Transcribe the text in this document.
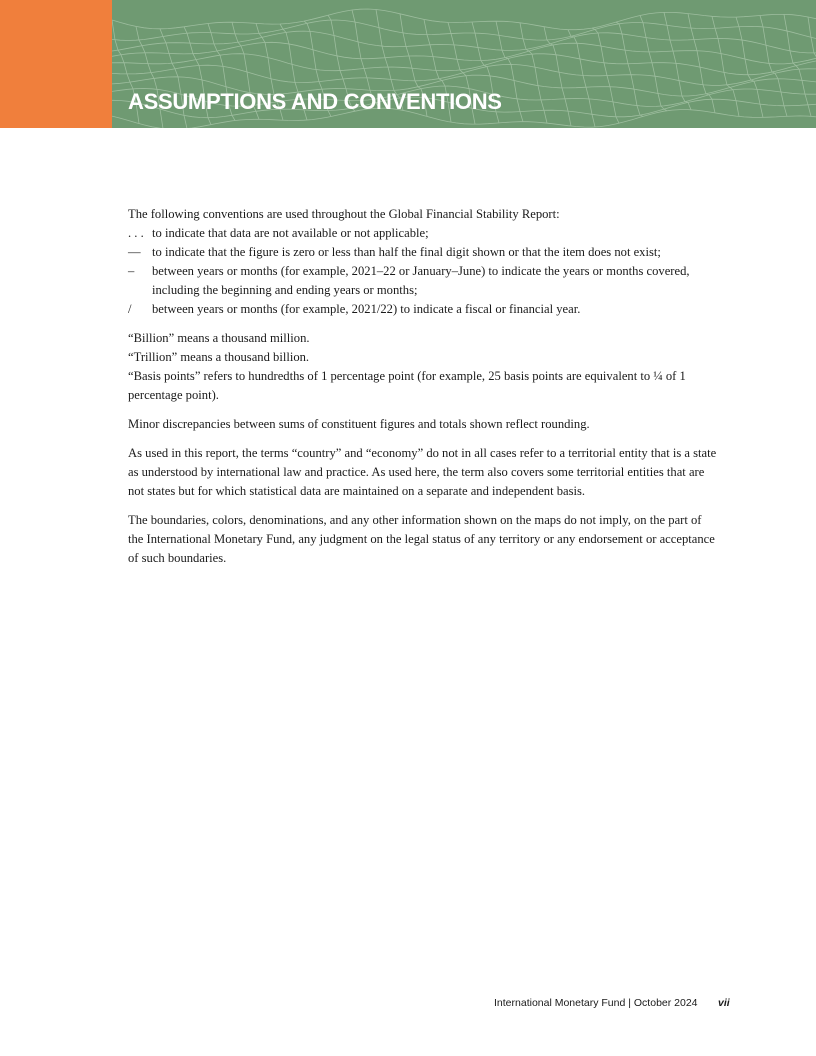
ASSUMPTIONS AND CONVENTIONS

The following conventions are used throughout the Global Financial Stability Report:

. . . to indicate that data are not available or not applicable;
— to indicate that the figure is zero or less than half the final digit shown or that the item does not exist;
–	between years or months (for example, 2021–22 or January–June) to indicate the years or months covered, including the beginning and ending years or months;
/	between years or months (for example, 2021/22) to indicate a fiscal or financial year.

“Billion” means a thousand million.

“Trillion” means a thousand billion.

“Basis points” refers to hundredths of 1 percentage point (for example, 25 basis points are equivalent to ¼ of 1 percentage point).

Minor discrepancies between sums of constituent figures and totals shown reflect rounding.

As used in this report, the terms “country” and “economy” do not in all cases refer to a territorial entity that is a state as understood by international law and practice. As used here, the term also covers some territorial entities that are not states but for which statistical data are maintained on a separate and independent basis.

The boundaries, colors, denominations, and any other information shown on the maps do not imply, on the part of the International Monetary Fund, any judgment on the legal status of any territory or any endorsement or acceptance of such boundaries.

International Monetary Fund | October 2024 vii
